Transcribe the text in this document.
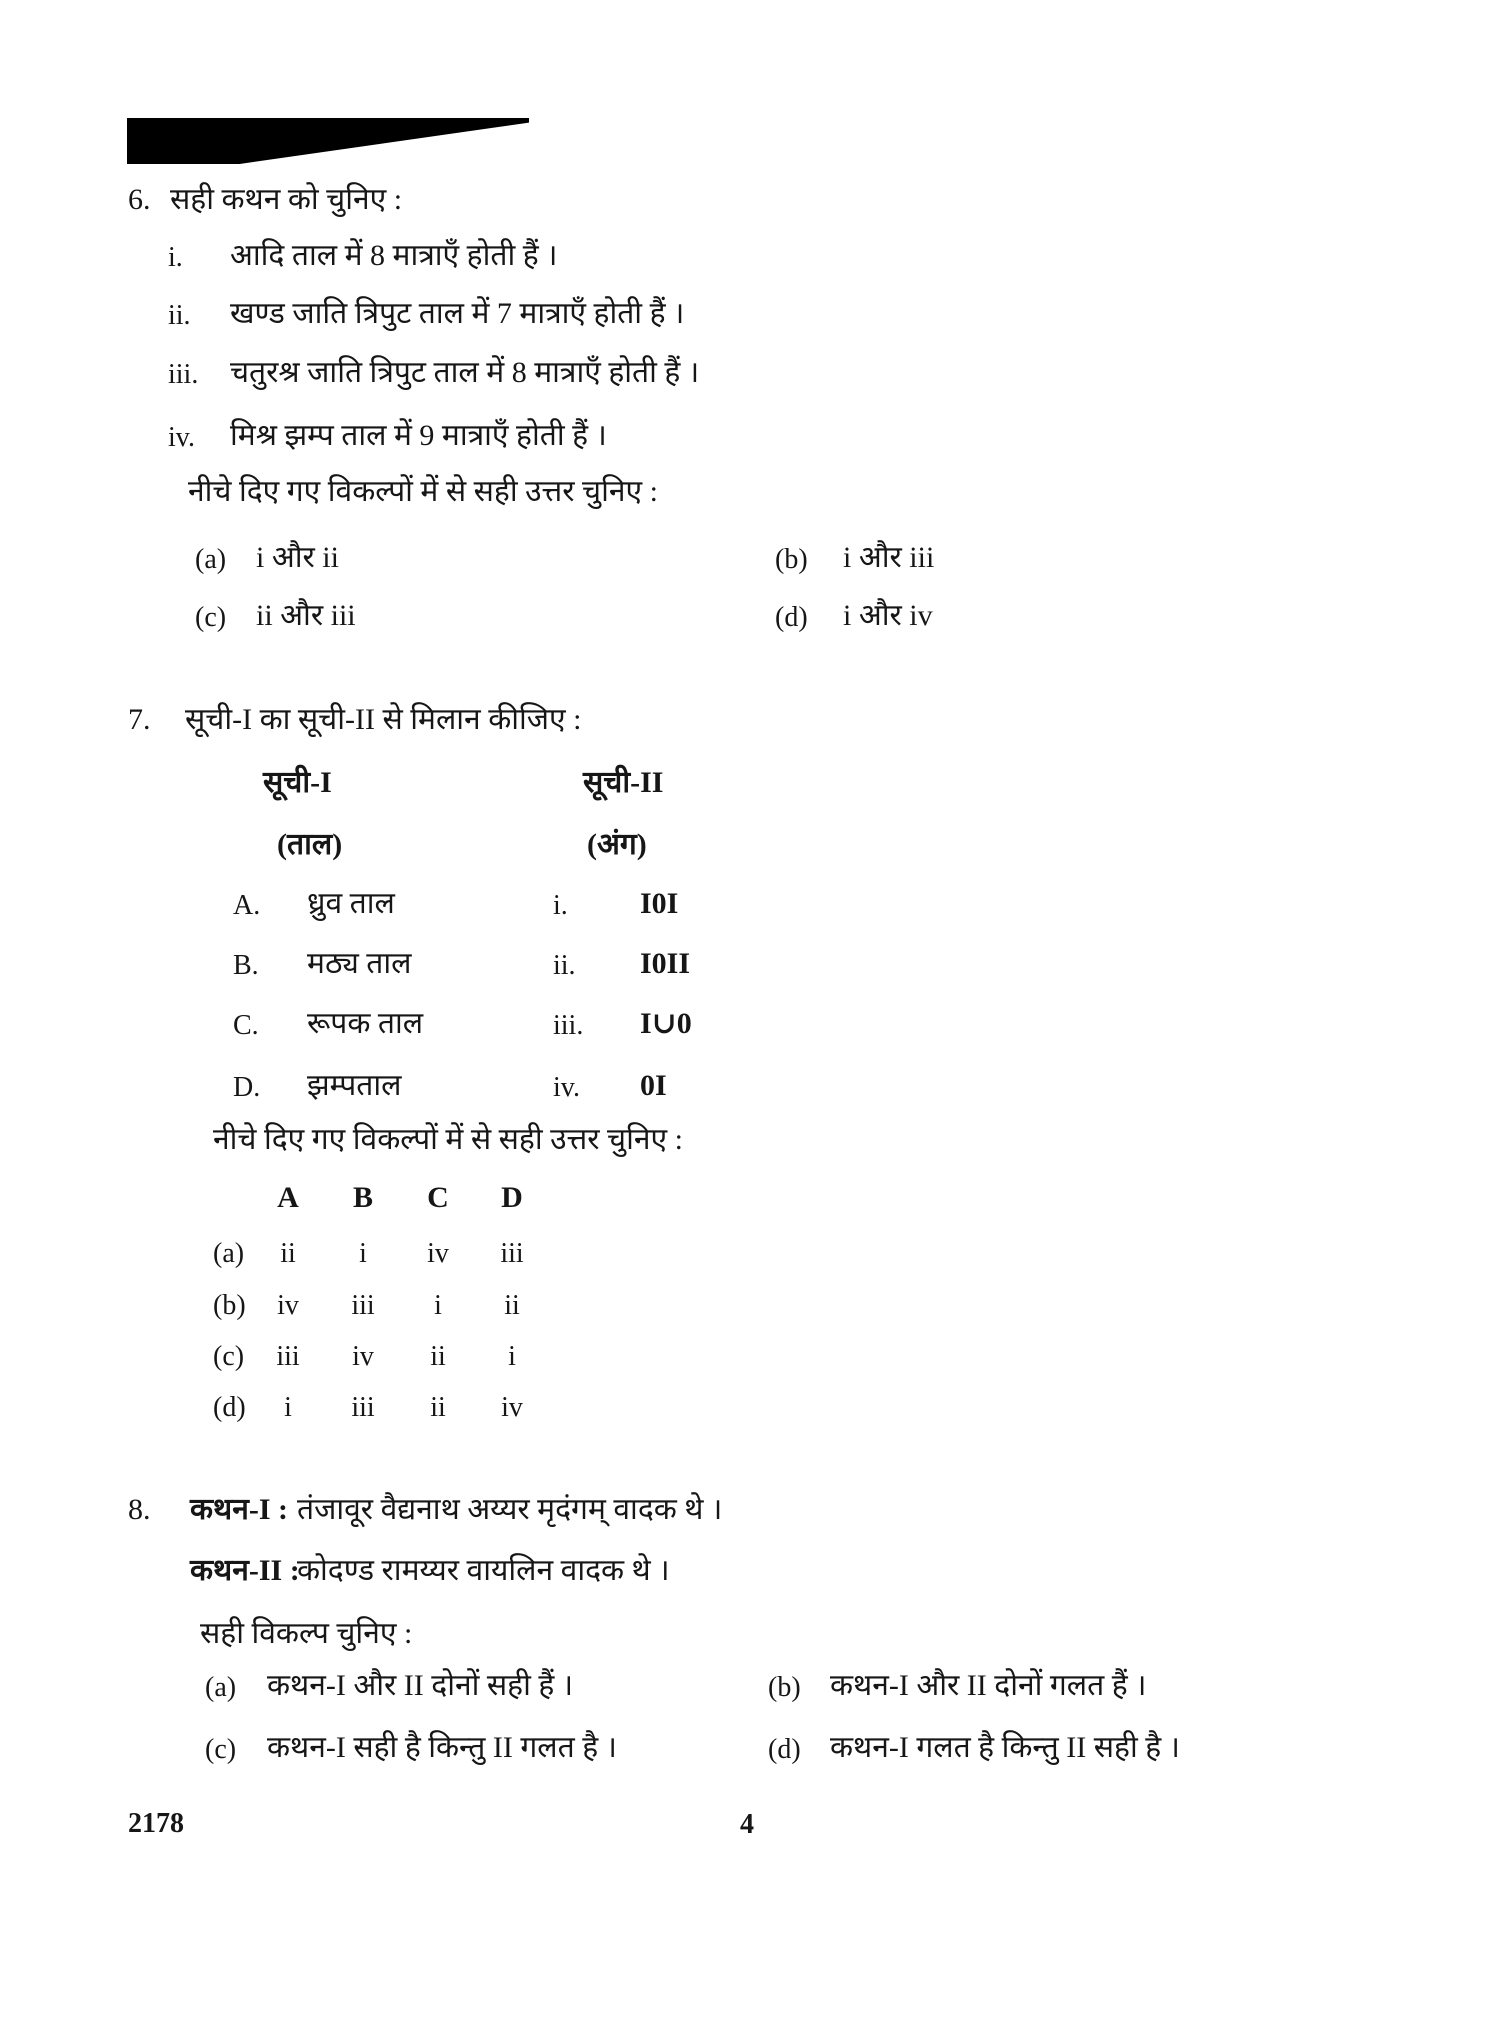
6. सही कथन को चुनिए :
i. आदि ताल में 8 मात्राएँ होती हैं ।
ii. खण्ड जाति त्रिपुट ताल में 7 मात्राएँ होती हैं ।
iii. चतुरश्र जाति त्रिपुट ताल में 8 मात्राएँ होती हैं ।
iv. मिश्र झम्प ताल में 9 मात्राएँ होती हैं ।
नीचे दिए गए विकल्पों में से सही उत्तर चुनिए :
(a) i और ii	(b) i और iii
(c) ii और iii	(d) i और iv
7. सूची-I का सूची-II से मिलान कीजिए :
सूची-I	सूची-II
(ताल)	(अंग)
A. ध्रुव ताल	i. I0I
B. मठ्य ताल	ii. I0II
C. रूपक ताल	iii. I∪0
D. झम्पताल	iv. 0I
नीचे दिए गए विकल्पों में से सही उत्तर चुनिए :
A	B	C	D
(a)	ii	i	iv	iii
(b)	iv	iii	i	ii
(c)	iii	iv	ii	i
(d)	i	iii	ii	iv
8. कथन-I : तंजावूर वैद्यनाथ अय्यर मृदंगम् वादक थे ।
कथन-II :
कोदण्ड रामय्यर वायलिन वादक थे ।
सही विकल्प चुनिए :
(a) कथन-I और II दोनों सही हैं ।	(b) कथन-I और II दोनों गलत हैं ।
(c) कथन-I सही है किन्तु II गलत है ।	(d) कथन-I गलत है किन्तु II सही है ।
2178	4
